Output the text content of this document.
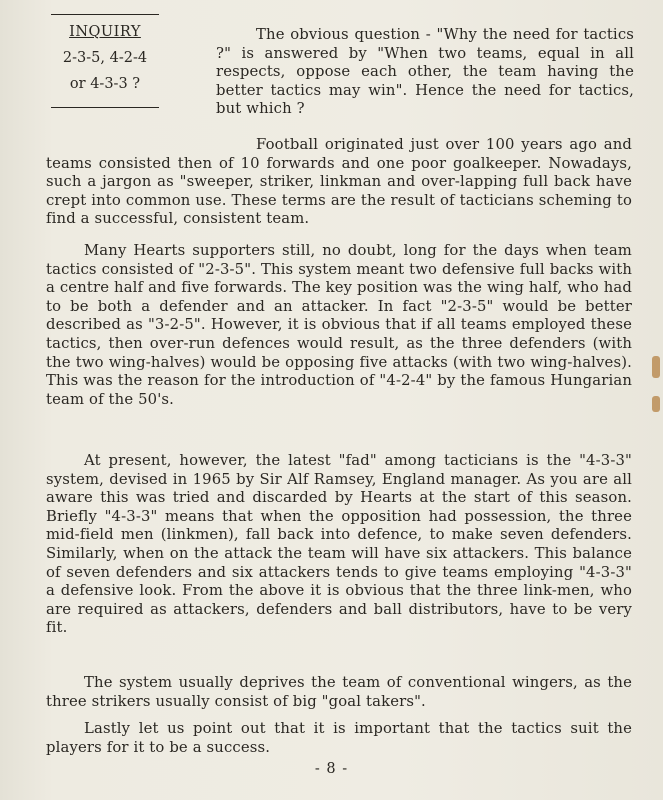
INQUIRY
2-3-5, 4-2-4
or 4-3-3 ?

The obvious question - "Why the need for tactics ?" is answered by "When two teams, equal in all respects, oppose each other, the team having the better tactics may win". Hence the need for tactics, but which ?

Football originated just over 100 years ago and teams consisted then of 10 forwards and one poor goalkeeper. Nowadays, such a jargon as "sweeper, striker, linkman and over-lapping full back have crept into common use. These terms are the result of tacticians scheming to find a successful, consistent team.

Many Hearts supporters still, no doubt, long for the days when team tactics consisted of "2-3-5". This system meant two defensive full backs with a centre half and five forwards. The key position was the wing half, who had to be both a defender and an attacker. In fact "2-3-5" would be better described as "3-2-5". However, it is obvious that if all teams employed these tactics, then over-run defences would result, as the three defenders (with the two wing-halves) would be opposing five attacks (with two wing-halves). This was the reason for the introduction of "4-2-4" by the famous Hungarian team of the 50's.

At present, however, the latest "fad" among tacticians is the "4-3-3" system, devised in 1965 by Sir Alf Ramsey, England manager. As you are all aware this was tried and discarded by Hearts at the start of this season. Briefly "4-3-3" means that when the opposition had possession, the three mid-field men (linkmen), fall back into defence, to make seven defenders. Similarly, when on the attack the team will have six attackers. This balance of seven defenders and six attackers tends to give teams employing "4-3-3" a defensive look. From the above it is obvious that the three link-men, who are required as attackers, defenders and ball distributors, have to be very fit.

The system usually deprives the team of conventional wingers, as the three strikers usually consist of big "goal takers".

Lastly let us point out that it is important that the tactics suit the players for it to be a success.

- 8 -
